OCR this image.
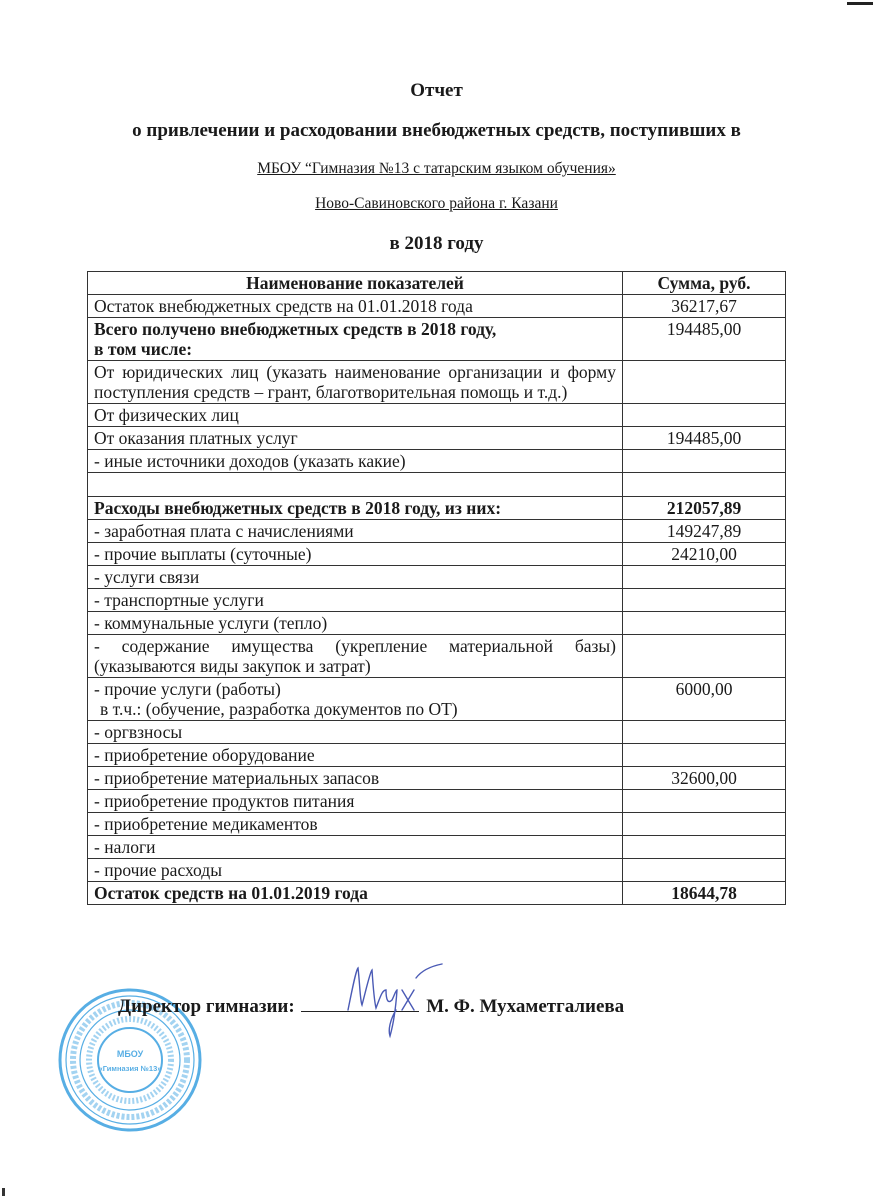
Отчет
о привлечении и расходовании внебюджетных средств, поступивших в
МБОУ “Гимназия №13 с татарским языком обучения»
Ново-Савиновского района г. Казани
в 2018 году
Наименование показателей	Сумма, руб.
Остаток внебюджетных средств на 01.01.2018 года	36217,67

Всего получено внебюджетных средств в 2018 году,
в том числе:	194485,00
От юридических лиц (указать наименование организации и форму поступления средств – грант, благотворительная помощь и т.д.)	
От физических лиц	
От оказания платных услуг	194485,00
- иные источники доходов (указать какие)	

Расходы внебюджетных средств в 2018 году, из них:	212057,89
- заработная плата с начислениями	149247,89
- прочие выплаты (суточные)	24210,00
- услуги связи	
- транспортные услуги	
- коммунальные услуги (тепло)	
- содержание имущества (укрепление материальной базы) (указываются виды закупок и затрат)	

- прочие услуги (работы)
в т.ч.: (обучение, разработка документов по ОТ)	6000,00
- оргвзносы	
- приобретение оборудование	
- приобретение материальных запасов	32600,00
- приобретение продуктов питания	
- приобретение медикаментов	
- налоги	
- прочие расходы	
Остаток средств на 01.01.2019 года	18644,78
МБОУ
«Гимназия №13»
Директор гимназии:	М. Ф. Мухаметгалиева
